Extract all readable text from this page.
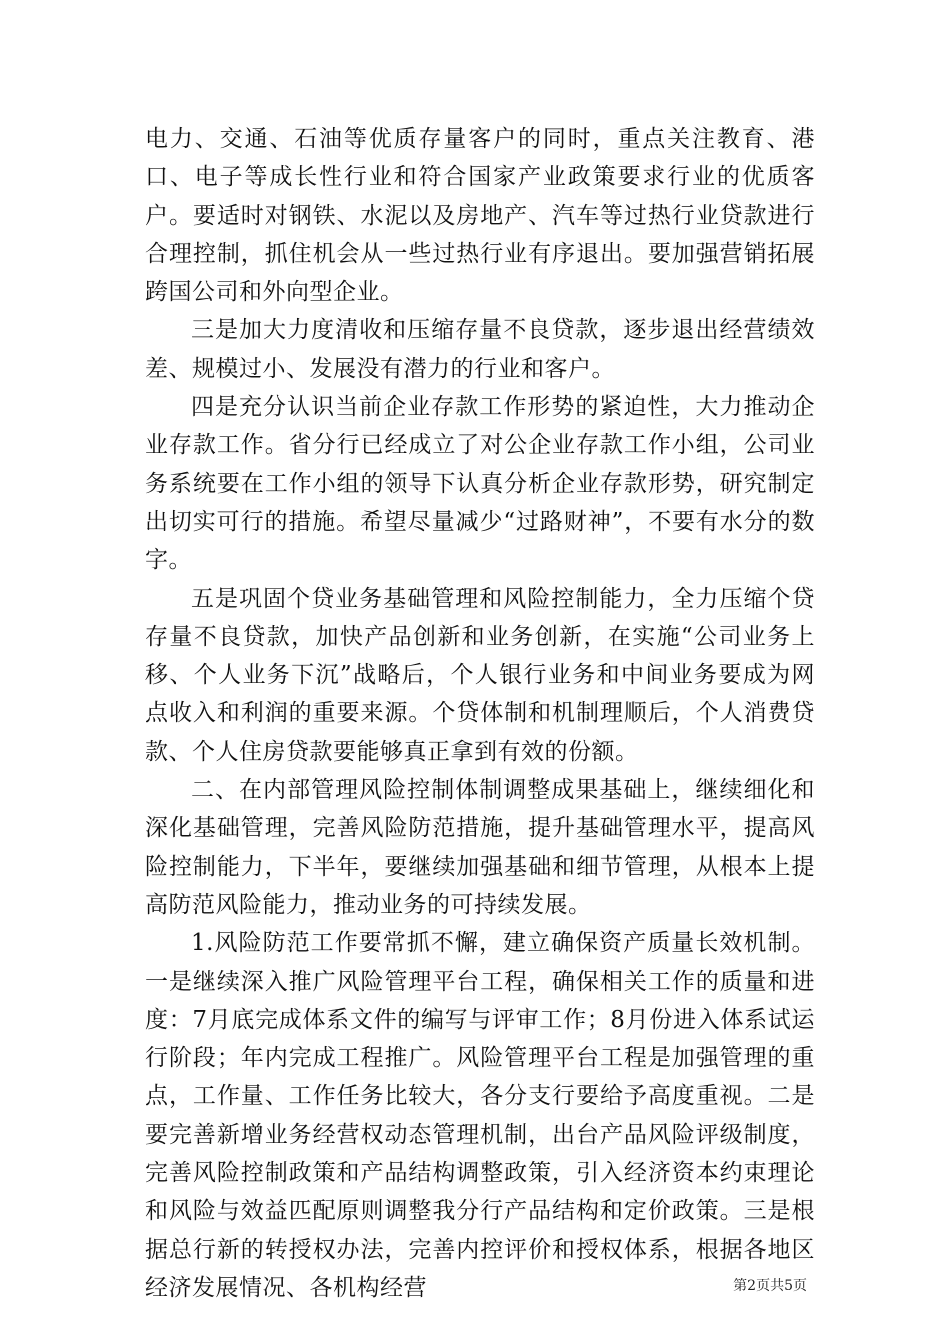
电力、交通、石油等优质存量客户的同时，重点关注教育、港口、电子等成长性行业和符合国家产业政策要求行业的优质客户。要适时对钢铁、水泥以及房地产、汽车等过热行业贷款进行合理控制，抓住机会从一些过热行业有序退出。要加强营销拓展跨国公司和外向型企业。

三是加大力度清收和压缩存量不良贷款，逐步退出经营绩效差、规模过小、发展没有潜力的行业和客户。

四是充分认识当前企业存款工作形势的紧迫性，大力推动企业存款工作。省分行已经成立了对公企业存款工作小组，公司业务系统要在工作小组的领导下认真分析企业存款形势，研究制定出切实可行的措施。希望尽量减少“过路财神”，不要有水分的数字。

五是巩固个贷业务基础管理和风险控制能力，全力压缩个贷存量不良贷款，加快产品创新和业务创新，在实施“公司业务上移、个人业务下沉”战略后，个人银行业务和中间业务要成为网点收入和利润的重要来源。个贷体制和机制理顺后，个人消费贷款、个人住房贷款要能够真正拿到有效的份额。

二、在内部管理风险控制体制调整成果基础上，继续细化和深化基础管理，完善风险防范措施，提升基础管理水平，提高风险控制能力，下半年，要继续加强基础和细节管理，从根本上提高防范风险能力，推动业务的可持续发展。

1.风险防范工作要常抓不懈，建立确保资产质量长效机制。一是继续深入推广风险管理平台工程，确保相关工作的质量和进度：7月底完成体系文件的编写与评审工作；8月份进入体系试运行阶段；年内完成工程推广。风险管理平台工程是加强管理的重点，工作量、工作任务比较大，各分支行要给予高度重视。二是要完善新增业务经营权动态管理机制，出台产品风险评级制度，完善风险控制政策和产品结构调整政策，引入经济资本约束理论和风险与效益匹配原则调整我分行产品结构和定价政策。三是根据总行新的转授权办法，完善内控评价和授权体系，根据各地区经济发展情况、各机构经营	第2页共5页
